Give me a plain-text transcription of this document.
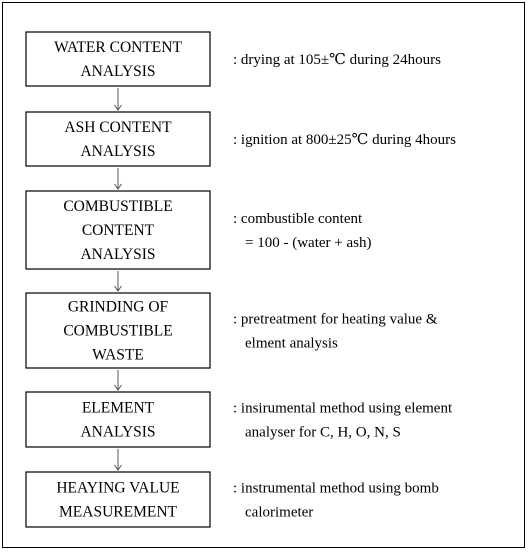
WATER CONTENT
ANALYSIS
: drying at 105±℃ during 24hours
ASH CONTENT
ANALYSIS
: ignition at 800±25℃ during 4hours
COMBUSTIBLE
CONTENT
ANALYSIS
: combustible content
= 100 - (water + ash)
GRINDING OF
COMBUSTIBLE
WASTE
: pretreatment for heating value &
elment analysis
ELEMENT
ANALYSIS
: insirumental method using element
analyser for C, H, O, N, S
HEAYING VALUE
MEASUREMENT
: instrumental method using bomb
calorimeter
